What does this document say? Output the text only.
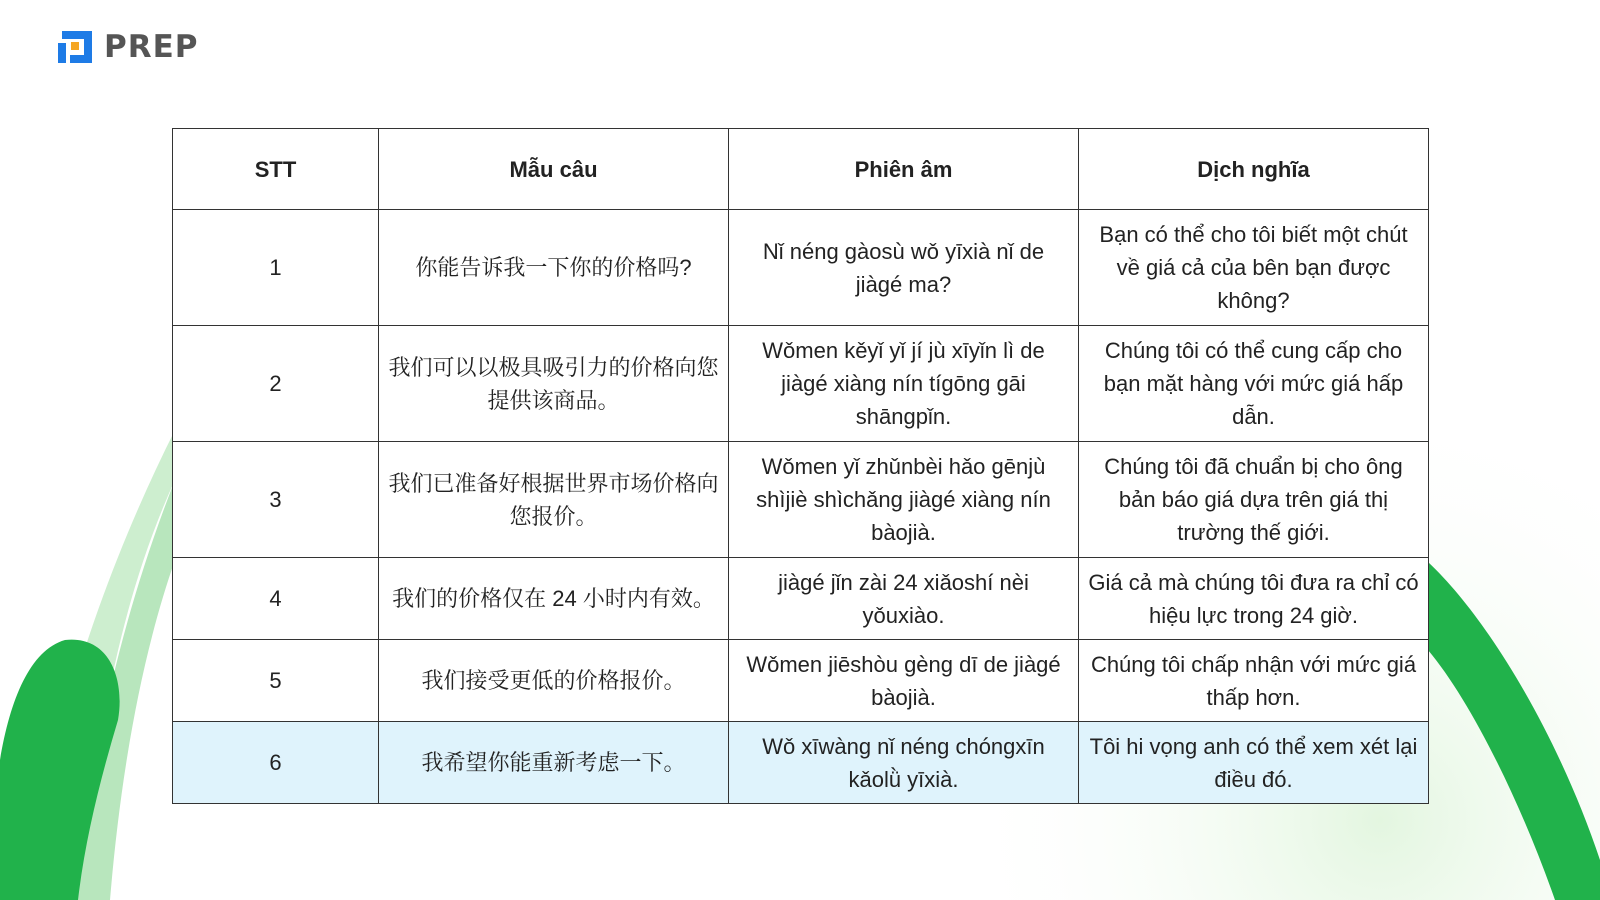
PREP
STT	Mẫu câu	Phiên âm	Dịch nghĩa
1	你能告诉我一下你的价格吗?	Nǐ néng gàosù wǒ yīxià nǐ de jiàgé ma?	Bạn có thể cho tôi biết một chút về giá cả của bên bạn được không?
2	我们可以以极具吸引力的价格向您提供该商品。	Wǒmen kěyǐ yǐ jí jù xīyǐn lì de jiàgé xiàng nín tígōng gāi shāngpǐn.	Chúng tôi có thể cung cấp cho bạn mặt hàng với mức giá hấp dẫn.
3	我们已准备好根据世界市场价格向您报价。	Wǒmen yǐ zhǔnbèi hǎo gēnjù shìjiè shìchǎng jiàgé xiàng nín bàojià.	Chúng tôi đã chuẩn bị cho ông bản báo giá dựa trên giá thị trường thế giới.
4	我们的价格仅在 24 小时内有效。	jiàgé jǐn zài 24 xiǎoshí nèi yǒuxiào.	Giá cả mà chúng tôi đưa ra chỉ có hiệu lực trong 24 giờ.
5	我们接受更低的价格报价。	Wǒmen jiēshòu gèng dī de jiàgé bàojià.	Chúng tôi chấp nhận với mức giá thấp hơn.
6	我希望你能重新考虑一下。	Wǒ xīwàng nǐ néng chóngxīn kǎolǜ yīxià.	Tôi hi vọng anh có thể xem xét lại điều đó.
